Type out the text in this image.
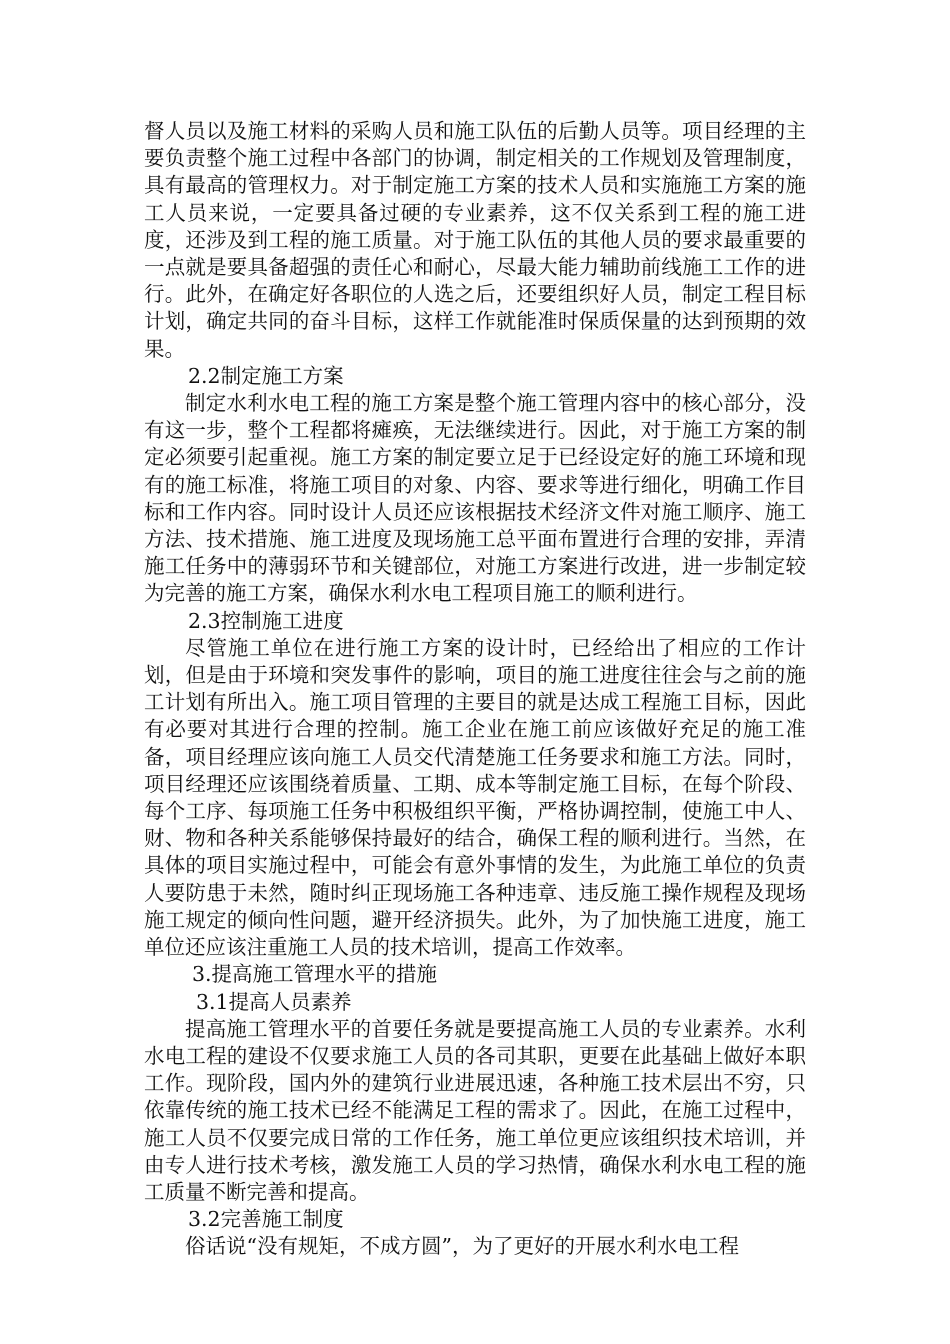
督人员以及施工材料的采购人员和施工队伍的后勤人员等。项目经理的主要负责整个施工过程中各部门的协调，制定相关的工作规划及管理制度，具有最高的管理权力。对于制定施工方案的技术人员和实施施工方案的施工人员来说，一定要具备过硬的专业素养，这不仅关系到工程的施工进度，还涉及到工程的施工质量。对于施工队伍的其他人员的要求最重要的一点就是要具备超强的责任心和耐心，尽最大能力辅助前线施工工作的进行。此外，在确定好各职位的人选之后，还要组织好人员，制定工程目标计划，确定共同的奋斗目标，这样工作就能准时保质保量的达到预期的效果。

2.2制定施工方案

制定水利水电工程的施工方案是整个施工管理内容中的核心部分，没有这一步，整个工程都将瘫痪，无法继续进行。因此，对于施工方案的制定必须要引起重视。施工方案的制定要立足于已经设定好的施工环境和现有的施工标准，将施工项目的对象、内容、要求等进行细化，明确工作目标和工作内容。同时设计人员还应该根据技术经济文件对施工顺序、施工方法、技术措施、施工进度及现场施工总平面布置进行合理的安排，弄清施工任务中的薄弱环节和关键部位，对施工方案进行改进，进一步制定较为完善的施工方案，确保水利水电工程项目施工的顺利进行。

2.3控制施工进度

尽管施工单位在进行施工方案的设计时，已经给出了相应的工作计划，但是由于环境和突发事件的影响，项目的施工进度往往会与之前的施工计划有所出入。施工项目管理的主要目的就是达成工程施工目标，因此有必要对其进行合理的控制。施工企业在施工前应该做好充足的施工准备，项目经理应该向施工人员交代清楚施工任务要求和施工方法。同时，项目经理还应该围绕着质量、工期、成本等制定施工目标，在每个阶段、每个工序、每项施工任务中积极组织平衡，严格协调控制，使施工中人、财、物和各种关系能够保持最好的结合，确保工程的顺利进行。当然，在具体的项目实施过程中，可能会有意外事情的发生，为此施工单位的负责人要防患于未然，随时纠正现场施工各种违章、违反施工操作规程及现场施工规定的倾向性问题，避开经济损失。此外，为了加快施工进度，施工单位还应该注重施工人员的技术培训，提高工作效率。

3.提高施工管理水平的措施

3.1提高人员素养

提高施工管理水平的首要任务就是要提高施工人员的专业素养。水利水电工程的建设不仅要求施工人员的各司其职，更要在此基础上做好本职工作。现阶段，国内外的建筑行业进展迅速，各种施工技术层出不穷，只依靠传统的施工技术已经不能满足工程的需求了。因此，在施工过程中，施工人员不仅要完成日常的工作任务，施工单位更应该组织技术培训，并由专人进行技术考核，激发施工人员的学习热情，确保水利水电工程的施工质量不断完善和提高。

3.2完善施工制度

俗话说“没有规矩，不成方圆”，为了更好的开展水利水电工程
